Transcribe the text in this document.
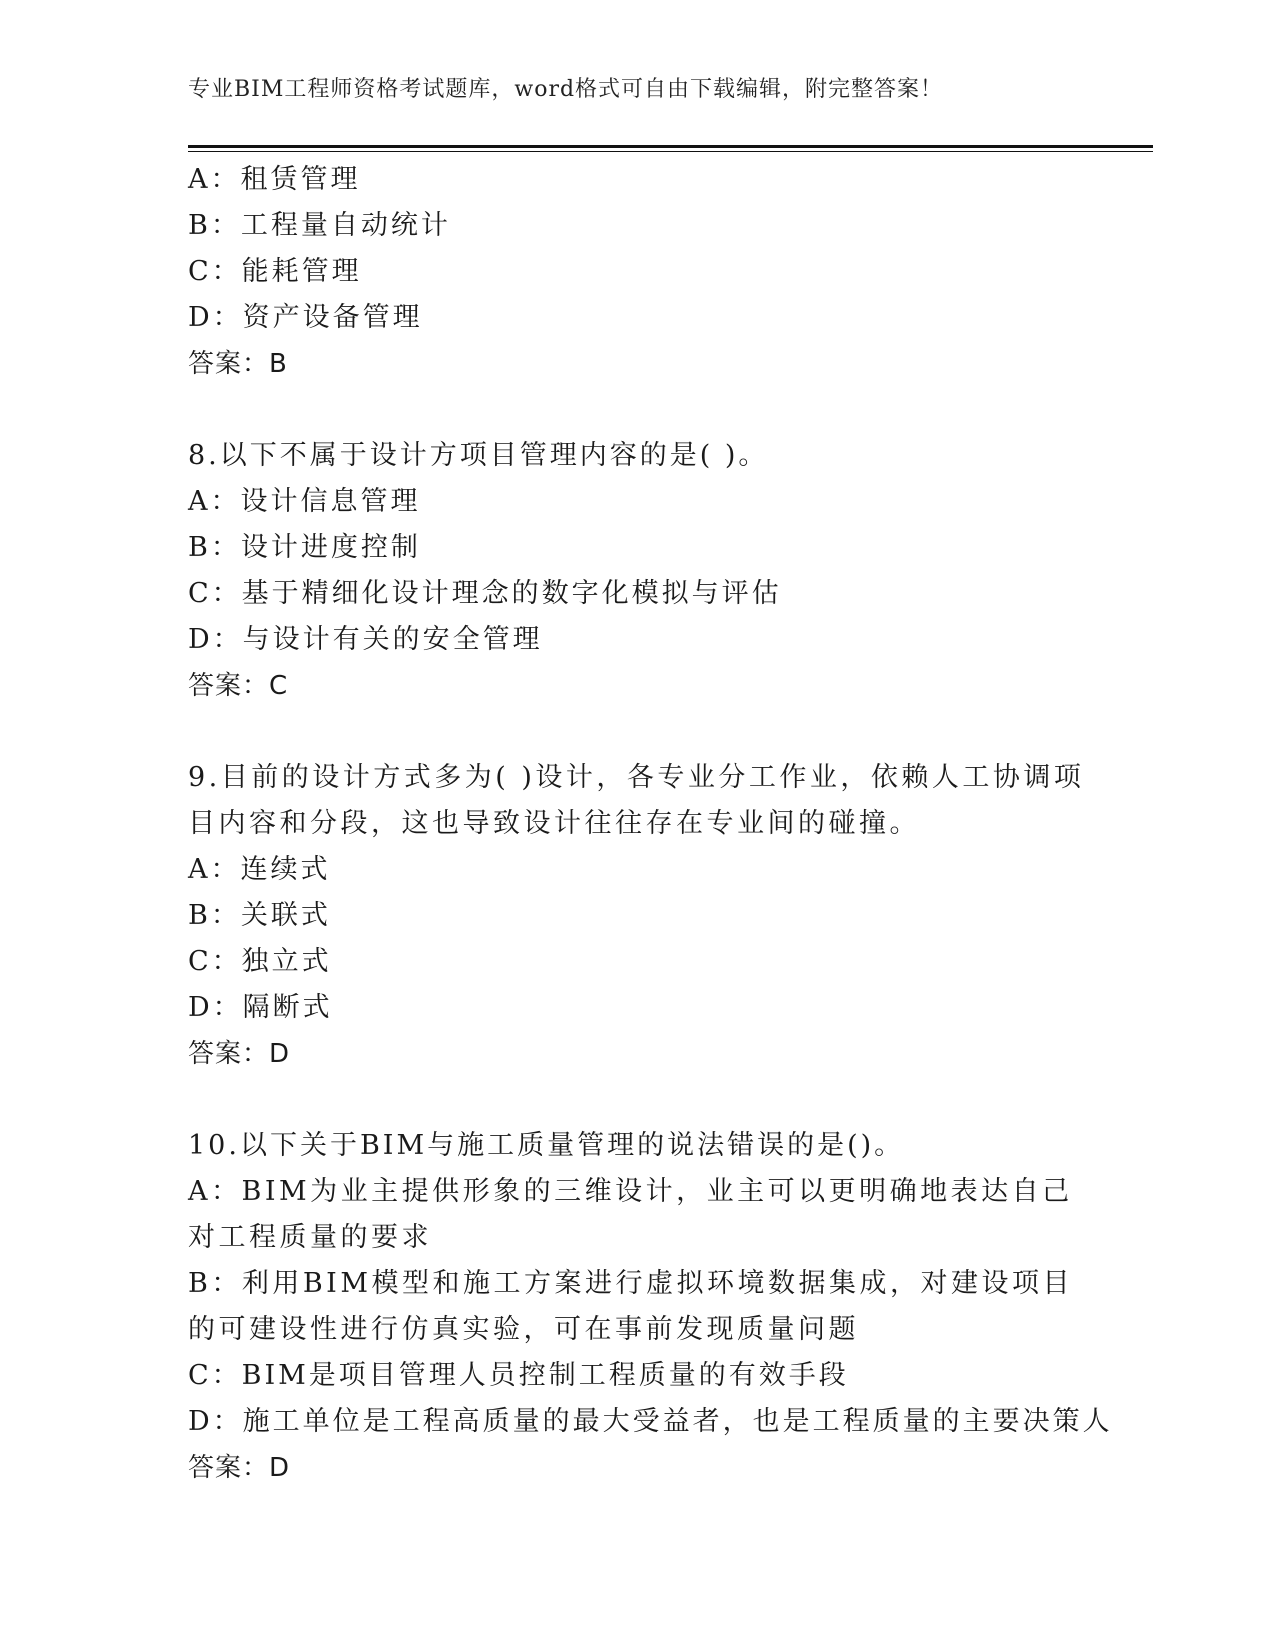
专业BIM工程师资格考试题库，word格式可自由下载编辑，附完整答案！
A：租赁管理
B：工程量自动统计
C：能耗管理
D：资产设备管理
答案：B
8.以下不属于设计方项目管理内容的是( )。
A：设计信息管理
B：设计进度控制
C：基于精细化设计理念的数字化模拟与评估
D：与设计有关的安全管理
答案：C
9.目前的设计方式多为( )设计，各专业分工作业，依赖人工协调项目内容和分段，这也导致设计往往存在专业间的碰撞。
A：连续式
B：关联式
C：独立式
D：隔断式
答案：D
10.以下关于BIM与施工质量管理的说法错误的是()。
A：BIM为业主提供形象的三维设计，业主可以更明确地表达自己对工程质量的要求
B：利用BIM模型和施工方案进行虚拟环境数据集成，对建设项目的可建设性进行仿真实验，可在事前发现质量问题
C：BIM是项目管理人员控制工程质量的有效手段
D：施工单位是工程高质量的最大受益者，也是工程质量的主要决策人
答案：D
